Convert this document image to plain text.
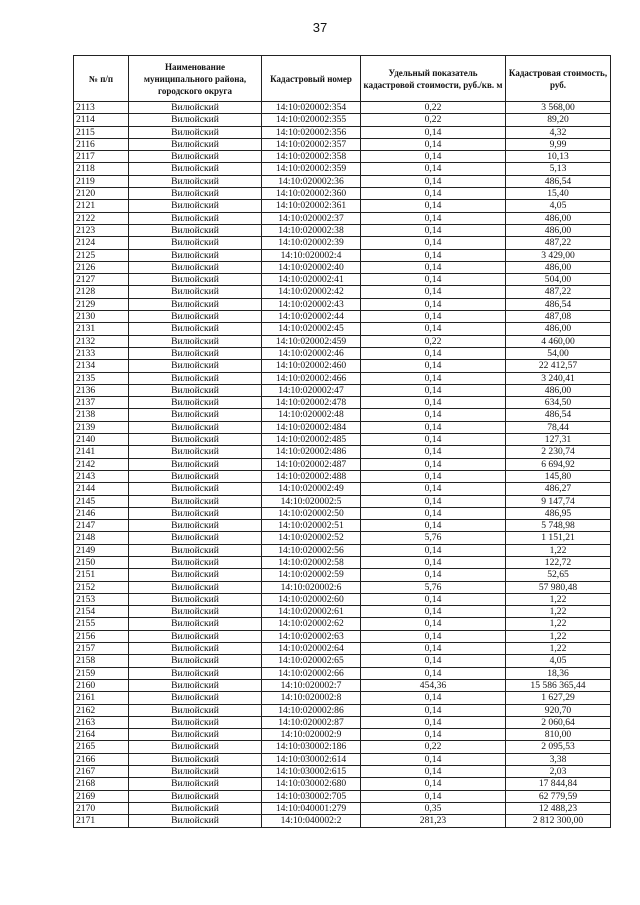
37
№ п/п	Наименование муниципального района, городского округа	Кадастровый номер	Удельный показатель кадастровой стоимости, руб./кв. м	Кадастровая стоимость, руб.
2113	Вилюйский	14:10:020002:354	0,22	3 568,00
2114	Вилюйский	14:10:020002:355	0,22	89,20
2115	Вилюйский	14:10:020002:356	0,14	4,32
2116	Вилюйский	14:10:020002:357	0,14	9,99
2117	Вилюйский	14:10:020002:358	0,14	10,13
2118	Вилюйский	14:10:020002:359	0,14	5,13
2119	Вилюйский	14:10:020002:36	0,14	486,54
2120	Вилюйский	14:10:020002:360	0,14	15,40
2121	Вилюйский	14:10:020002:361	0,14	4,05
2122	Вилюйский	14:10:020002:37	0,14	486,00
2123	Вилюйский	14:10:020002:38	0,14	486,00
2124	Вилюйский	14:10:020002:39	0,14	487,22
2125	Вилюйский	14:10:020002:4	0,14	3 429,00
2126	Вилюйский	14:10:020002:40	0,14	486,00
2127	Вилюйский	14:10:020002:41	0,14	504,00
2128	Вилюйский	14:10:020002:42	0,14	487,22
2129	Вилюйский	14:10:020002:43	0,14	486,54
2130	Вилюйский	14:10:020002:44	0,14	487,08
2131	Вилюйский	14:10:020002:45	0,14	486,00
2132	Вилюйский	14:10:020002:459	0,22	4 460,00
2133	Вилюйский	14:10:020002:46	0,14	54,00
2134	Вилюйский	14:10:020002:460	0,14	22 412,57
2135	Вилюйский	14:10:020002:466	0,14	3 240,41
2136	Вилюйский	14:10:020002:47	0,14	486,00
2137	Вилюйский	14:10:020002:478	0,14	634,50
2138	Вилюйский	14:10:020002:48	0,14	486,54
2139	Вилюйский	14:10:020002:484	0,14	78,44
2140	Вилюйский	14:10:020002:485	0,14	127,31
2141	Вилюйский	14:10:020002:486	0,14	2 230,74
2142	Вилюйский	14:10:020002:487	0,14	6 694,92
2143	Вилюйский	14:10:020002:488	0,14	145,80
2144	Вилюйский	14:10:020002:49	0,14	486,27
2145	Вилюйский	14:10:020002:5	0,14	9 147,74
2146	Вилюйский	14:10:020002:50	0,14	486,95
2147	Вилюйский	14:10:020002:51	0,14	5 748,98
2148	Вилюйский	14:10:020002:52	5,76	1 151,21
2149	Вилюйский	14:10:020002:56	0,14	1,22
2150	Вилюйский	14:10:020002:58	0,14	122,72
2151	Вилюйский	14:10:020002:59	0,14	52,65
2152	Вилюйский	14:10:020002:6	5,76	57 980,48
2153	Вилюйский	14:10:020002:60	0,14	1,22
2154	Вилюйский	14:10:020002:61	0,14	1,22
2155	Вилюйский	14:10:020002:62	0,14	1,22
2156	Вилюйский	14:10:020002:63	0,14	1,22
2157	Вилюйский	14:10:020002:64	0,14	1,22
2158	Вилюйский	14:10:020002:65	0,14	4,05
2159	Вилюйский	14:10:020002:66	0,14	18,36
2160	Вилюйский	14:10:020002:7	454,36	15 586 365,44
2161	Вилюйский	14:10:020002:8	0,14	1 627,29
2162	Вилюйский	14:10:020002:86	0,14	920,70
2163	Вилюйский	14:10:020002:87	0,14	2 060,64
2164	Вилюйский	14:10:020002:9	0,14	810,00
2165	Вилюйский	14:10:030002:186	0,22	2 095,53
2166	Вилюйский	14:10:030002:614	0,14	3,38
2167	Вилюйский	14:10:030002:615	0,14	2,03
2168	Вилюйский	14:10:030002:680	0,14	17 844,84
2169	Вилюйский	14:10:030002:705	0,14	62 779,59
2170	Вилюйский	14:10:040001:279	0,35	12 488,23
2171	Вилюйский	14:10:040002:2	281,23	2 812 300,00
